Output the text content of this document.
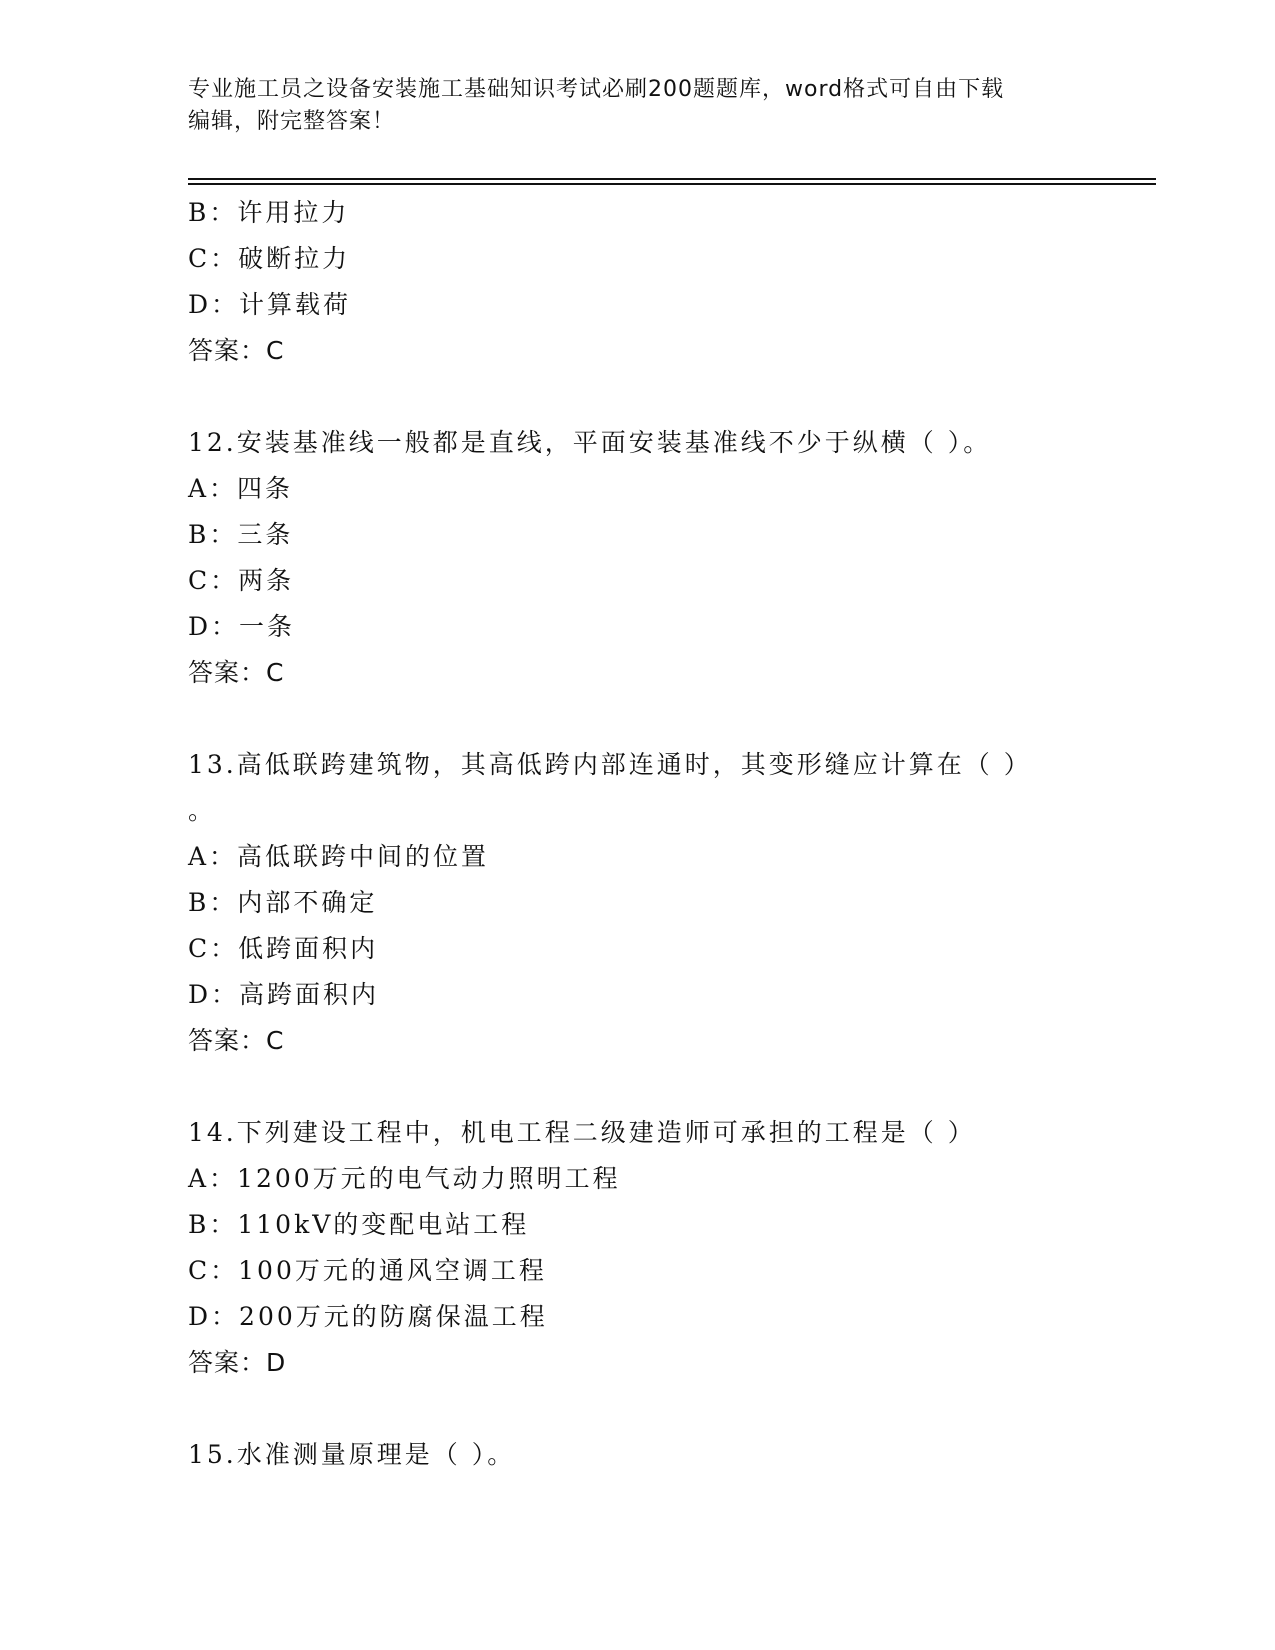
专业施工员之设备安装施工基础知识考试必刷200题题库，word格式可自由下载
编辑，附完整答案！
B：许用拉力
C：破断拉力
D：计算载荷
答案：C
12.安装基准线一般都是直线，平面安装基准线不少于纵横（ ）。
A：四条
B：三条
C：两条
D：一条
答案：C
13.高低联跨建筑物，其高低跨内部连通时，其变形缝应计算在（ ）
。
A：高低联跨中间的位置
B：内部不确定
C：低跨面积内
D：高跨面积内
答案：C
14.下列建设工程中，机电工程二级建造师可承担的工程是（ ）
A：1200万元的电气动力照明工程
B：110kV的变配电站工程
C：100万元的通风空调工程
D：200万元的防腐保温工程
答案：D
15.水准测量原理是（ ）。
